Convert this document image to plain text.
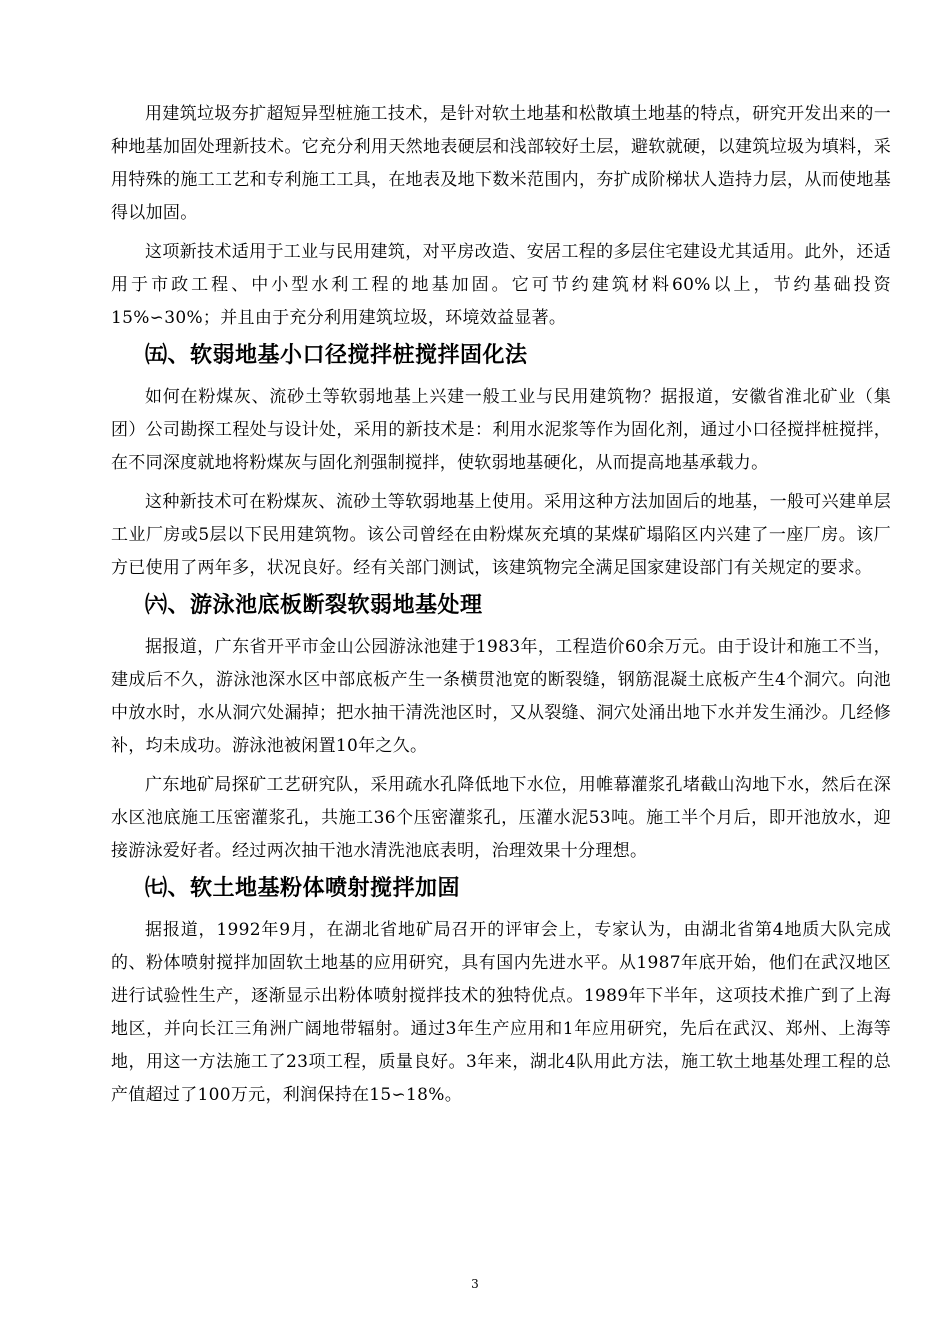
用建筑垃圾夯扩超短异型桩施工技术，是针对软土地基和松散填土地基的特点，研究开发出来的一种地基加固处理新技术。它充分利用天然地表硬层和浅部较好土层，避软就硬，以建筑垃圾为填料，采用特殊的施工工艺和专利施工工具，在地表及地下数米范围内，夯扩成阶梯状人造持力层，从而使地基得以加固。

这项新技术适用于工业与民用建筑，对平房改造、安居工程的多层住宅建设尤其适用。此外，还适用于市政工程、中小型水利工程的地基加固。它可节约建筑材料60%以上，节约基础投资15%∽30%；并且由于充分利用建筑垃圾，环境效益显著。

㈤、软弱地基小口径搅拌桩搅拌固化法

如何在粉煤灰、流砂土等软弱地基上兴建一般工业与民用建筑物？据报道，安徽省淮北矿业（集团）公司勘探工程处与设计处，采用的新技术是：利用水泥浆等作为固化剂，通过小口径搅拌桩搅拌，在不同深度就地将粉煤灰与固化剂强制搅拌，使软弱地基硬化，从而提高地基承载力。

这种新技术可在粉煤灰、流砂土等软弱地基上使用。采用这种方法加固后的地基，一般可兴建单层工业厂房或5层以下民用建筑物。该公司曾经在由粉煤灰充填的某煤矿塌陷区内兴建了一座厂房。该厂方已使用了两年多，状况良好。经有关部门测试，该建筑物完全满足国家建设部门有关规定的要求。

㈥、游泳池底板断裂软弱地基处理

据报道，广东省开平市金山公园游泳池建于1983年，工程造价60余万元。由于设计和施工不当，建成后不久，游泳池深水区中部底板产生一条横贯池宽的断裂缝，钢筋混凝土底板产生4个洞穴。向池中放水时，水从洞穴处漏掉；把水抽干清洗池区时，又从裂缝、洞穴处涌出地下水并发生涌沙。几经修补，均未成功。游泳池被闲置10年之久。

广东地矿局探矿工艺研究队，采用疏水孔降低地下水位，用帷幕灌浆孔堵截山沟地下水，然后在深水区池底施工压密灌浆孔，共施工36个压密灌浆孔，压灌水泥53吨。施工半个月后，即开池放水，迎接游泳爱好者。经过两次抽干池水清洗池底表明，治理效果十分理想。

㈦、软土地基粉体喷射搅拌加固

据报道，1992年9月，在湖北省地矿局召开的评审会上，专家认为，由湖北省第4地质大队完成的、粉体喷射搅拌加固软土地基的应用研究，具有国内先进水平。从1987年底开始，他们在武汉地区进行试验性生产，逐渐显示出粉体喷射搅拌技术的独特优点。1989年下半年，这项技术推广到了上海地区，并向长江三角洲广阔地带辐射。通过3年生产应用和1年应用研究，先后在武汉、郑州、上海等地，用这一方法施工了23项工程，质量良好。3年来，湖北4队用此方法，施工软土地基处理工程的总产值超过了100万元，利润保持在15∽18%。

3
